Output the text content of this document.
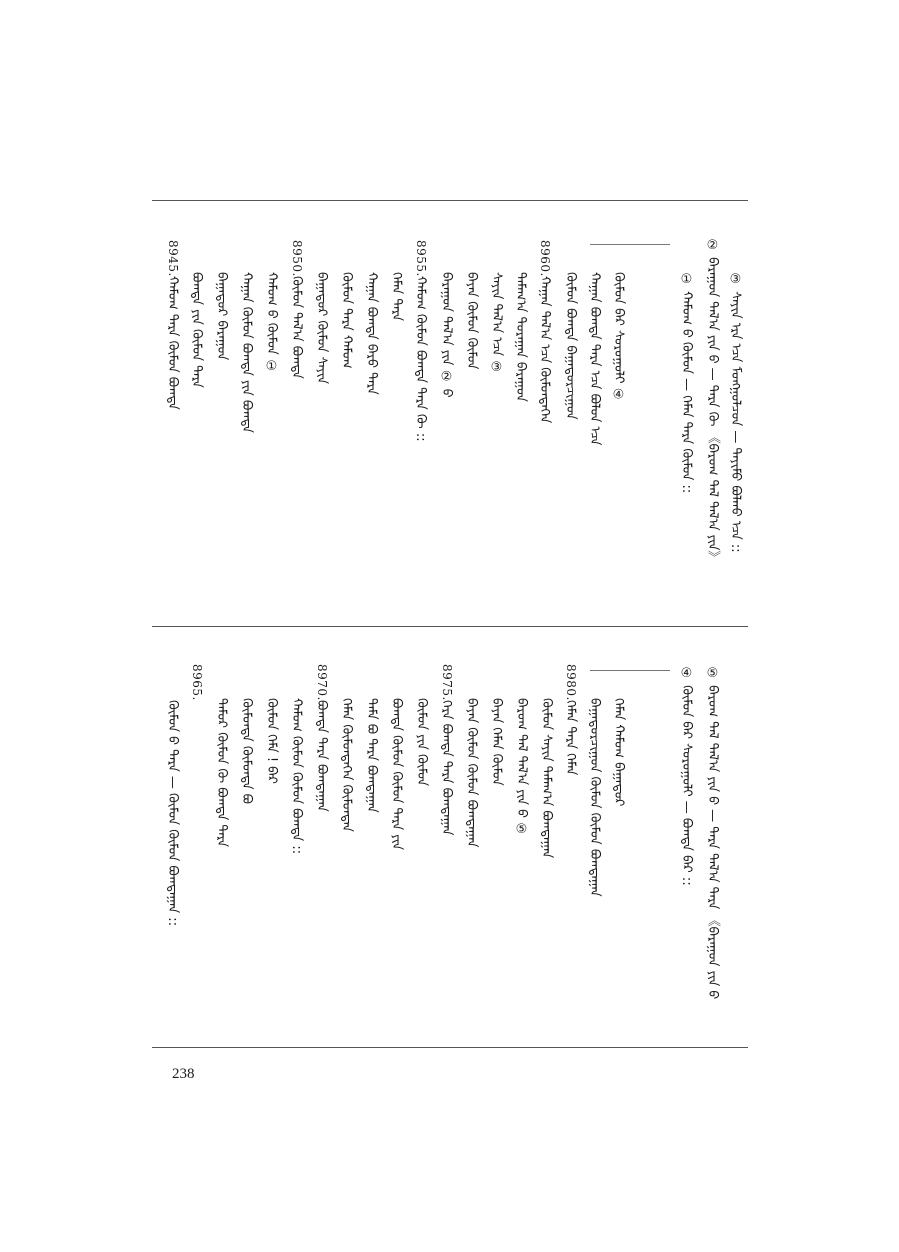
③ ᠰᠠᠶᠢᠨ ᠡᠷᠡ ᠡᠴᠡ ᠮᠣᠩᠭᠣᠯᠴᠣᠨ — ᠲᠡᠶᠢᠮᠦ ᠪᠣᠯᠬᠤ ᠡᠴᠡ ::
② ᠪᠠᠷᠠᠭᠤᠨ ᠲᠠᠯ᠎ᠠ ᠶᠢᠨ ᠪ — ᠲᠡᠷᠡ ᠬᠦ 《ᠪᠠᠷᠤᠭ ᠲᠠᠯ ᠲᠠᠯ᠎ᠠ ᠶᠢᠨ》
① ᠬᠠᠮᠤᠭ ᠪ ᠬᠦᠮᠦᠨ — ᠬᠡᠮᠡᠨ ᠲᠡᠷᠡ ᠬᠦᠮᠦᠨ ::
ᠬᠦᠮᠦᠨ ᠪᠠᠷ ᠰᠤᠷᠤᠭᠤᠯᠢ ④
ᠬᠠᠭᠠᠨ ᠪᠣᠭᠳᠠ ᠲᠡᠷᠡ ᠡᠴᠡ ᠪᠣᠯᠤᠨ ᠡᠴᠡ
ᠬᠦᠮᠦᠨ ᠪᠣᠭᠳᠠ ᠪᠠᠭᠠᠲᠤᠷᠴᠢᠭᠤᠨ
8960.
ᠬᠠᠭᠠᠨ ᠲᠠᠯ᠎ᠠ ᠡᠴᠡ ᠬᠦᠮᠦᠨᠳᠡᠭᠡᠨ
ᠲᠠᠮᠠᠭ᠎ᠠ ᠲᠤᠷᠠᠭᠠᠨ ᠪᠠᠷᠠᠭᠤᠨ
ᠰᠠᠶᠢᠨ ᠲᠠᠯ᠎ᠠ ᠡᠴᠡ ③
ᠪᠠᠶᠠᠨ ᠬᠦᠮᠦᠨ ᠬᠦᠮᠦᠨ
ᠪᠠᠷᠠᠭᠤᠨ ᠲᠠᠯ᠎ᠠ ᠶᠢᠨ ② ᠪ
8955.
ᠬᠠᠮᠤᠭ ᠬᠦᠮᠦᠨ ᠪᠣᠭᠳᠠ ᠲᠡᠷᠡ ᠬᠦ ::
ᠬᠡᠮᠡᠨ ᠲᠡᠷᠡ
ᠬᠠᠭᠠᠨ ᠪᠣᠭᠳᠠ ᠪᠠᠷᠤ ᠲᠡᠷᠡ
ᠬᠦᠮᠦᠨ ᠲᠡᠷᠡ ᠬᠠᠮᠤᠭ
ᠪᠠᠭᠠᠲᠤᠷ ᠬᠦᠮᠦᠨ ᠰᠠᠶᠢᠨ
8950.
ᠬᠦᠮᠦᠨ ᠲᠠᠯ᠎ᠠ ᠪᠣᠭᠳᠠ
ᠬᠠᠮᠤᠭ ᠪ ᠬᠦᠮᠦᠨ ①
ᠬᠠᠭᠠᠨ ᠬᠦᠮᠦᠨ ᠪᠣᠭᠳᠠ ᠶᠢᠨ ᠪᠣᠭᠳᠠ
ᠪᠠᠭᠠᠲᠤᠷ ᠪᠠᠷᠠᠭᠤᠨ
ᠪᠣᠭᠳᠠ ᠶᠢᠨ ᠬᠦᠮᠦᠨ ᠲᠡᠷᠡ
8945.
ᠬᠠᠮᠤᠭ ᠲᠡᠷᠡ ᠬᠦᠮᠦᠨ ᠪᠣᠭᠳᠠ
⑤ ᠪᠠᠷᠤᠭ ᠲᠠᠯ ᠲᠠᠯ᠎ᠠ ᠶᠢᠨ ᠪ — ᠲᠡᠷᠡ ᠲᠠᠯ᠎ᠠ ᠲᠡᠷᠡ 《ᠪᠠᠷᠠᠭᠤᠨ ᠶᠢᠨ ᠪ
④ ᠬᠦᠮᠦᠨ ᠪᠠᠷ ᠰᠤᠷᠤᠭᠤᠯᠢ — ᠪᠣᠭᠳᠠ ᠪᠠᠷ ::
ᠬᠡᠮᠡᠨ ᠬᠠᠮᠤᠭ ᠪᠠᠭᠠᠲᠤᠷ
ᠪᠠᠭᠠᠲᠤᠷᠴᠢᠭᠤᠨ ᠬᠦᠮᠦᠨ ᠬᠦᠮᠦᠨ ᠪᠣᠭᠳᠠᠭᠠᠨ
8980.
ᠬᠡᠮᠡᠨ ᠲᠡᠷᠡ ᠬᠡᠮᠡᠨ
ᠬᠦᠮᠦᠨ ᠰᠠᠶᠢᠨ ᠲᠠᠮᠠᠭ᠎ᠠ ᠪᠣᠭᠳᠠᠭᠠᠨ
ᠪᠠᠷᠤᠭ ᠲᠠᠯ ᠲᠠᠯ᠎ᠠ ᠶᠢᠨ ᠪ ⑤
ᠪᠠᠶᠠᠨ ᠬᠡᠮᠡᠨ ᠬᠦᠮᠦᠨ
ᠪᠠᠶᠠᠨ ᠬᠦᠮᠦᠨ ᠬᠦᠮᠦᠨ ᠪᠣᠭᠳᠠᠭᠠᠨ
8975.
ᠬᠡᠷᠡ ᠪᠣᠭᠳᠠ ᠲᠡᠷᠡ ᠪᠣᠭᠳᠠᠭᠠᠨ
ᠬᠦᠮᠦᠨ ᠶᠢᠨ ᠬᠦᠮᠦᠨ
ᠪᠣᠭᠳᠠ ᠬᠦᠮᠦᠨ ᠬᠦᠮᠦᠨ ᠲᠡᠷᠡ ᠶᠢᠨ
ᠲᠠᠮᠠ ᠪᠣ ᠲᠡᠷᠡ ᠪᠣᠭᠳᠠᠭᠠᠨ
ᠬᠡᠮᠡᠨ ᠬᠦᠮᠦᠨᠳᠡᠭᠡᠨ ᠬᠦᠮᠦᠨᠳᠡᠨ
8970.
ᠪᠣᠭᠳᠠ ᠲᠡᠷᠡ ᠪᠣᠭᠳᠠᠭᠠᠨ
ᠬᠠᠮᠤᠭ ᠬᠦᠮᠦᠨ ᠬᠦᠮᠦᠨ ᠪᠣᠭᠳᠠ ::
ᠬᠦᠮᠦᠨ ᠬᠡᠮᠡ ! ᠪᠠᠷ
ᠬᠦᠮᠦᠨᠳᠡ ᠬᠦᠮᠦᠨᠳᠡ ᠪᠣ
ᠲᠡᠮᠦᠷ ᠬᠦᠮᠦᠨ ᠬᠦ ᠪᠣᠭᠳᠠ ᠲᠡᠷᠡ
8965.
ᠬᠦᠮᠦᠨ ᠪ ᠲᠡᠷᠡ — ᠬᠦᠮᠦᠨ ᠬᠦᠮᠦᠨ ᠪᠣᠭᠳᠠᠭᠠᠨ ::
238
